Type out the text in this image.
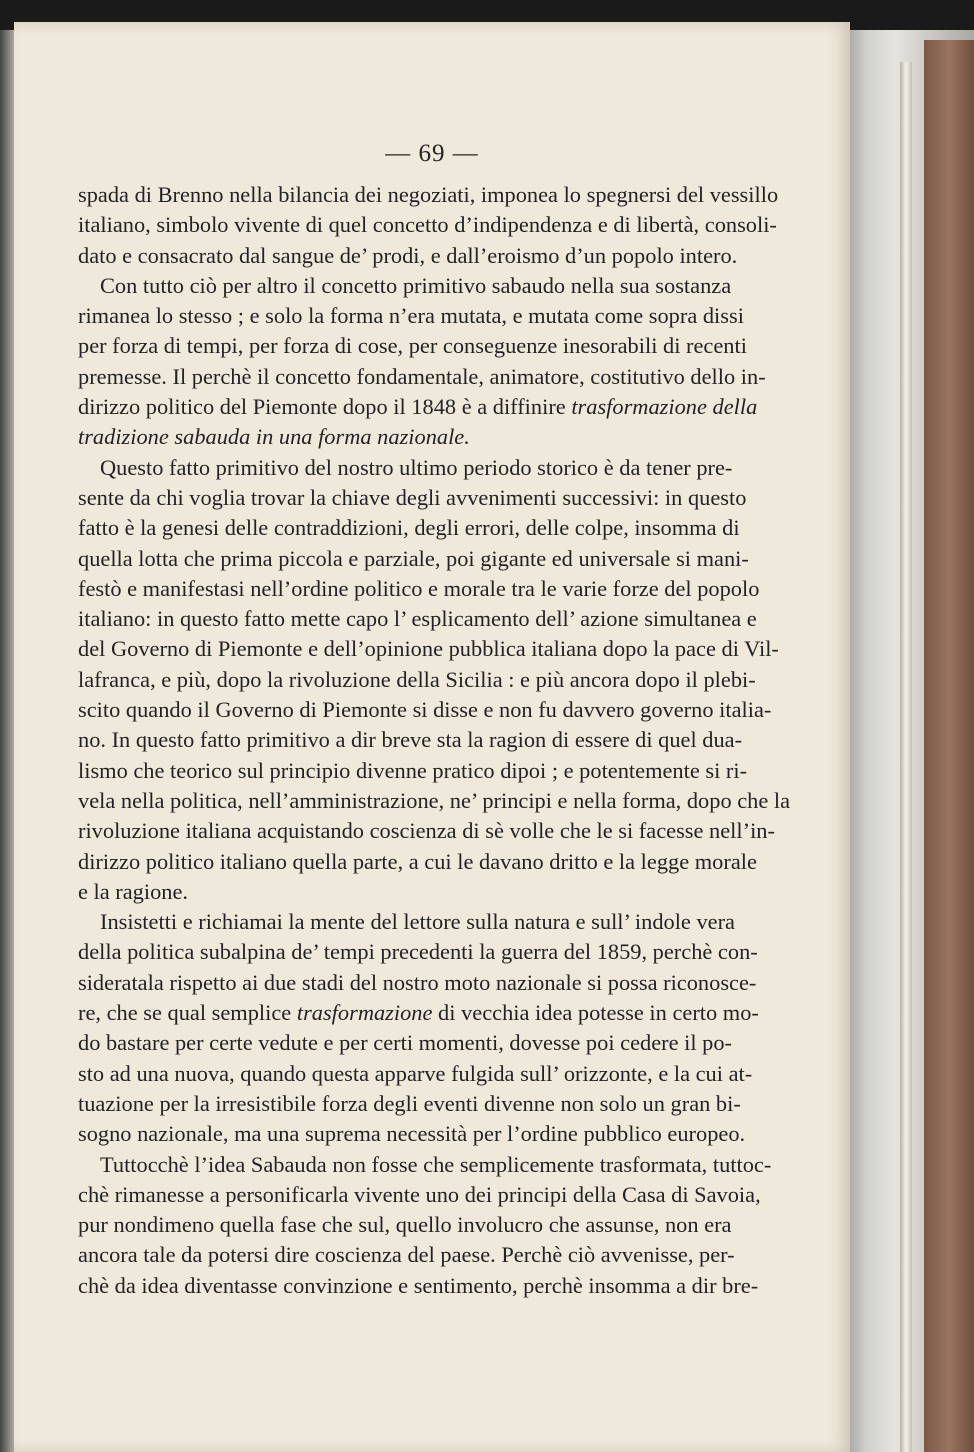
— 69 —
spada di Brenno nella bilancia dei negoziati, imponea lo spegnersi del vessillo
italiano, simbolo vivente di quel concetto d’indipendenza e di libertà, consoli-
dato e consacrato dal sangue de’ prodi, e dall’eroismo d’un popolo intero.
Con tutto ciò per altro il concetto primitivo sabaudo nella sua sostanza
rimanea lo stesso ; e solo la forma n’era mutata, e mutata come sopra dissi
per forza di tempi, per forza di cose, per conseguenze inesorabili di recenti
premesse. Il perchè il concetto fondamentale, animatore, costitutivo dello in-
dirizzo politico del Piemonte dopo il 1848 è a diffinire trasformazione della
tradizione sabauda in una forma nazionale.
Questo fatto primitivo del nostro ultimo periodo storico è da tener pre-
sente da chi voglia trovar la chiave degli avvenimenti successivi: in questo
fatto è la genesi delle contraddizioni, degli errori, delle colpe, insomma di
quella lotta che prima piccola e parziale, poi gigante ed universale si mani-
festò e manifestasi nell’ordine politico e morale tra le varie forze del popolo
italiano: in questo fatto mette capo l’ esplicamento dell’ azione simultanea e
del Governo di Piemonte e dell’opinione pubblica italiana dopo la pace di Vil-
lafranca, e più, dopo la rivoluzione della Sicilia : e più ancora dopo il plebi-
scito quando il Governo di Piemonte si disse e non fu davvero governo italia-
no. In questo fatto primitivo a dir breve sta la ragion di essere di quel dua-
lismo che teorico sul principio divenne pratico dipoi ; e potentemente si ri-
vela nella politica, nell’amministrazione, ne’ principi e nella forma, dopo che la
rivoluzione italiana acquistando coscienza di sè volle che le si facesse nell’in-
dirizzo politico italiano quella parte, a cui le davano dritto e la legge morale
e la ragione.
Insistetti e richiamai la mente del lettore sulla natura e sull’ indole vera
della politica subalpina de’ tempi precedenti la guerra del 1859, perchè con-
sideratala rispetto ai due stadi del nostro moto nazionale si possa riconosce-
re, che se qual semplice trasformazione di vecchia idea potesse in certo mo-
do bastare per certe vedute e per certi momenti, dovesse poi cedere il po-
sto ad una nuova, quando questa apparve fulgida sull’ orizzonte, e la cui at-
tuazione per la irresistibile forza degli eventi divenne non solo un gran bi-
sogno nazionale, ma una suprema necessità per l’ordine pubblico europeo.
Tuttocchè l’idea Sabauda non fosse che semplicemente trasformata, tuttoc-
chè rimanesse a personificarla vivente uno dei principi della Casa di Savoia,
pur nondimeno quella fase che sul, quello involucro che assunse, non era
ancora tale da potersi dire coscienza del paese. Perchè ciò avvenisse, per-
chè da idea diventasse convinzione e sentimento, perchè insomma a dir bre-
